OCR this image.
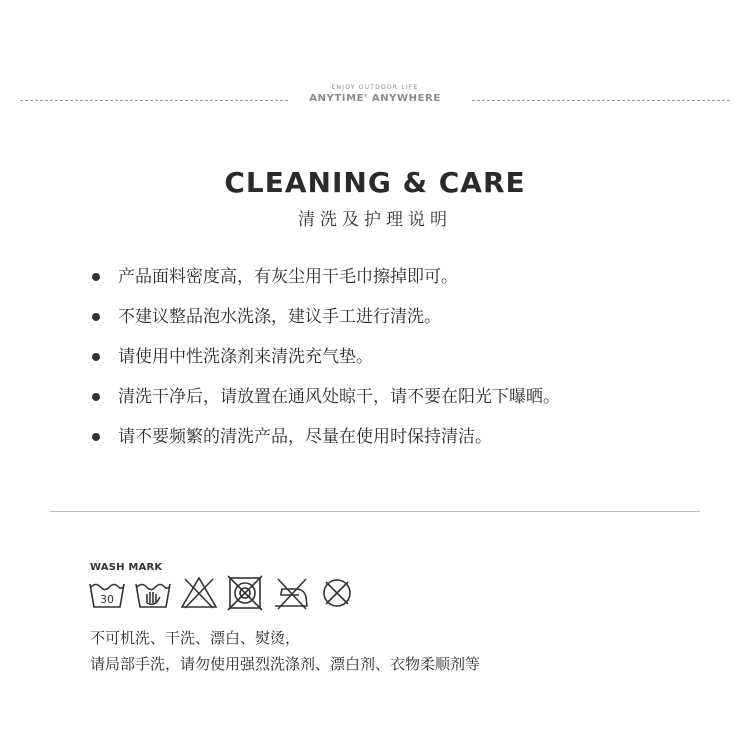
ENJOY OUTDOOR LIFE
ANYTIME' ANYWHERE
CLEANING & CARE
清洗及护理说明
产品面料密度高，有灰尘用干毛巾擦掉即可。
不建议整品泡水洗涤，建议手工进行清洗。
请使用中性洗涤剂来清洗充气垫。
清洗干净后，请放置在通风处晾干，请不要在阳光下曝晒。
请不要频繁的清洗产品，尽量在使用时保持清洁。
WASH MARK
30
不可机洗、干洗、漂白、熨烫，
请局部手洗，请勿使用强烈洗涤剂、漂白剂、衣物柔顺剂等
